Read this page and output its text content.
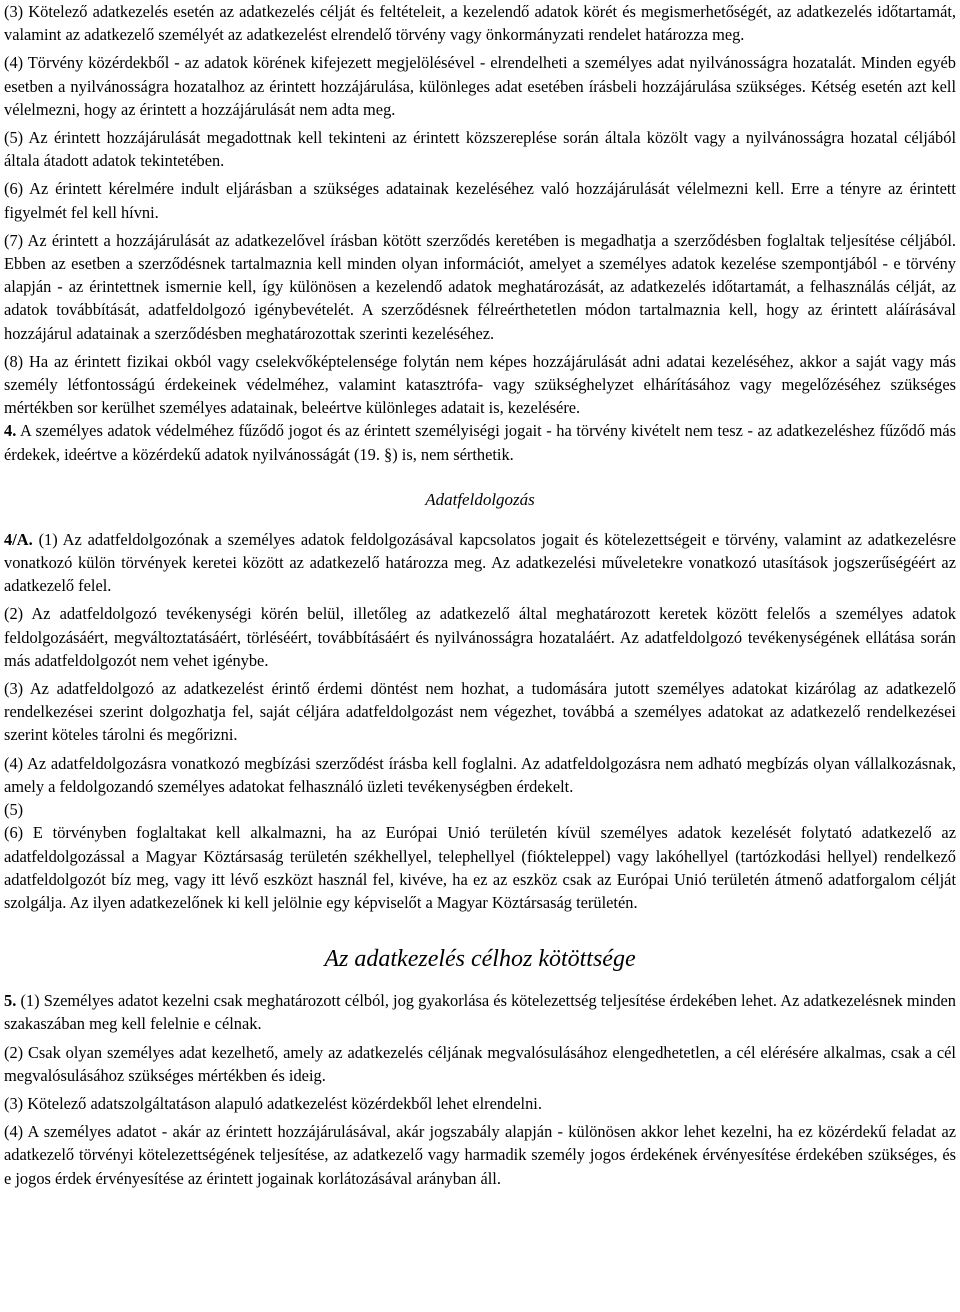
(3) Kötelező adatkezelés esetén az adatkezelés célját és feltételeit, a kezelendő adatok körét és megismerhetőségét, az adatkezelés időtartamát, valamint az adatkezelő személyét az adatkezelést elrendelő törvény vagy önkormányzati rendelet határozza meg.

(4) Törvény közérdekből - az adatok körének kifejezett megjelölésével - elrendelheti a személyes adat nyilvánosságra hozatalát. Minden egyéb esetben a nyilvánosságra hozatalhoz az érintett hozzájárulása, különleges adat esetében írásbeli hozzájárulása szükséges. Kétség esetén azt kell vélelmezni, hogy az érintett a hozzájárulását nem adta meg.

(5) Az érintett hozzájárulását megadottnak kell tekinteni az érintett közszereplése során általa közölt vagy a nyilvánosságra hozatal céljából általa átadott adatok tekintetében.

(6) Az érintett kérelmére indult eljárásban a szükséges adatainak kezeléséhez való hozzájárulását vélelmezni kell. Erre a tényre az érintett figyelmét fel kell hívni.

(7) Az érintett a hozzájárulását az adatkezelővel írásban kötött szerződés keretében is megadhatja a szerződésben foglaltak teljesítése céljából. Ebben az esetben a szerződésnek tartalmaznia kell minden olyan információt, amelyet a személyes adatok kezelése szempontjából - e törvény alapján - az érintettnek ismernie kell, így különösen a kezelendő adatok meghatározását, az adatkezelés időtartamát, a felhasználás célját, az adatok továbbítását, adatfeldolgozó igénybevételét. A szerződésnek félreérthetetlen módon tartalmaznia kell, hogy az érintett aláírásával hozzájárul adatainak a szerződésben meghatározottak szerinti kezeléséhez.

(8) Ha az érintett fizikai okból vagy cselekvőképtelensége folytán nem képes hozzájárulását adni adatai kezeléséhez, akkor a saját vagy más személy létfontosságú érdekeinek védelméhez, valamint katasztrófa- vagy szükséghelyzet elhárításához vagy megelőzéséhez szükséges mértékben sor kerülhet személyes adatainak, beleértve különleges adatait is, kezelésére.

4. A személyes adatok védelméhez fűződő jogot és az érintett személyiségi jogait - ha törvény kivételt nem tesz - az adatkezeléshez fűződő más érdekek, ideértve a közérdekű adatok nyilvánosságát (19. §) is, nem sérthetik.

Adatfeldolgozás

4/A. (1) Az adatfeldolgozónak a személyes adatok feldolgozásával kapcsolatos jogait és kötelezettségeit e törvény, valamint az adatkezelésre vonatkozó külön törvények keretei között az adatkezelő határozza meg. Az adatkezelési műveletekre vonatkozó utasítások jogszerűségéért az adatkezelő felel.

(2) Az adatfeldolgozó tevékenységi körén belül, illetőleg az adatkezelő által meghatározott keretek között felelős a személyes adatok feldolgozásáért, megváltoztatásáért, törléséért, továbbításáért és nyilvánosságra hozataláért. Az adatfeldolgozó tevékenységének ellátása során más adatfeldolgozót nem vehet igénybe.

(3) Az adatfeldolgozó az adatkezelést érintő érdemi döntést nem hozhat, a tudomására jutott személyes adatokat kizárólag az adatkezelő rendelkezései szerint dolgozhatja fel, saját céljára adatfeldolgozást nem végezhet, továbbá a személyes adatokat az adatkezelő rendelkezései szerint köteles tárolni és megőrizni.

(4) Az adatfeldolgozásra vonatkozó megbízási szerződést írásba kell foglalni. Az adatfeldolgozásra nem adható megbízás olyan vállalkozásnak, amely a feldolgozandó személyes adatokat felhasználó üzleti tevékenységben érdekelt.

(5)

(6) E törvényben foglaltakat kell alkalmazni, ha az Európai Unió területén kívül személyes adatok kezelését folytató adatkezelő az adatfeldolgozással a Magyar Köztársaság területén székhellyel, telephellyel (fióktelеppel) vagy lakóhellyel (tartózkodási hellyel) rendelkező adatfeldolgozót bíz meg, vagy itt lévő eszközt használ fel, kivéve, ha ez az eszköz csak az Európai Unió területén átmenő adatforgalom célját szolgálja. Az ilyen adatkezelőnek ki kell jelölnie egy képviselőt a Magyar Köztársaság területén.

Az adatkezelés célhoz kötöttsége

5. (1) Személyes adatot kezelni csak meghatározott célból, jog gyakorlása és kötelezettség teljesítése érdekében lehet. Az adatkezelésnek minden szakaszában meg kell felelnie e célnak.

(2) Csak olyan személyes adat kezelhető, amely az adatkezelés céljának megvalósulásához elengedhetetlen, a cél elérésére alkalmas, csak a cél megvalósulásához szükséges mértékben és ideig.

(3) Kötelező adatszolgáltatáson alapuló adatkezelést közérdekből lehet elrendelni.

(4) A személyes adatot - akár az érintett hozzájárulásával, akár jogszabály alapján - különösen akkor lehet kezelni, ha ez közérdekű feladat az adatkezelő törvényi kötelezettségének teljesítése, az adatkezelő vagy harmadik személy jogos érdekének érvényesítése érdekében szükséges, és e jogos érdek érvényesítése az érintett jogainak korlátozásával arányban áll.
